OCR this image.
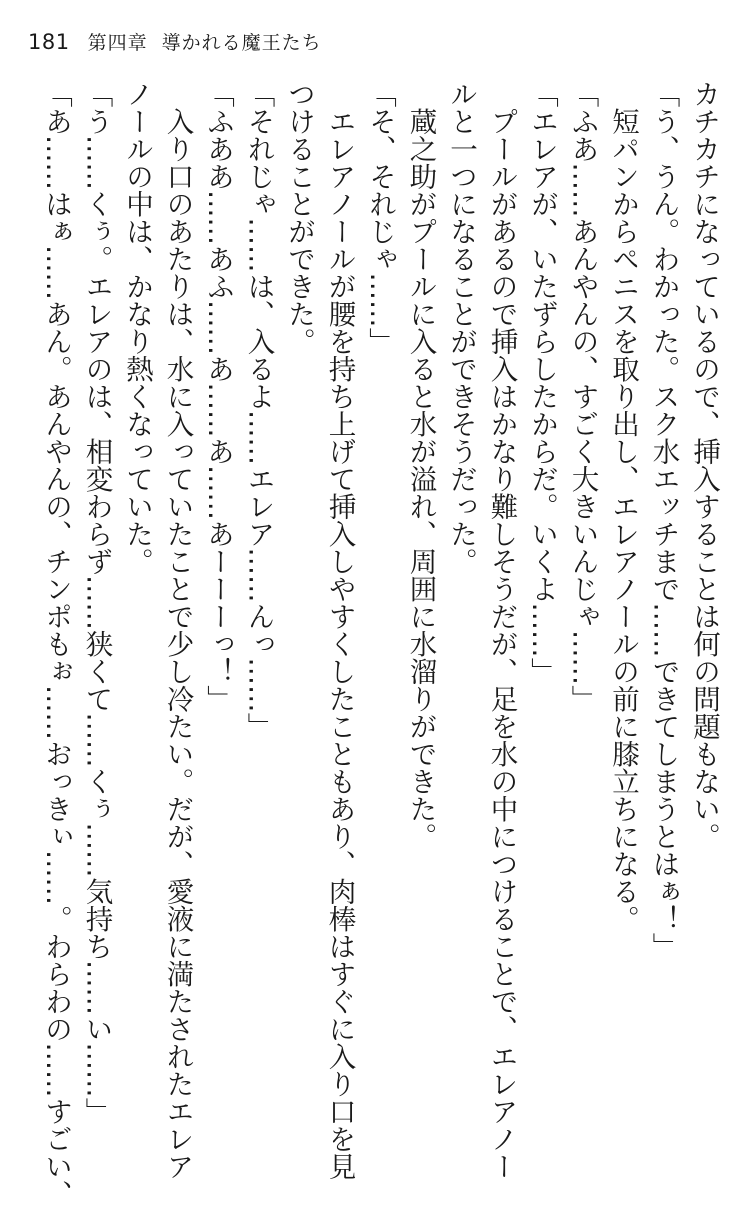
181 第四章 導かれる魔王たち
カチカチになっているので、挿入することは何の問題もない。
「う、うん。わかった。スク水エッチまで……できてしまうとはぁ！」
　短パンからペニスを取り出し、エレアノールの前に膝立ちになる。
「ふあ……あんやんの、すごく大きいんじゃ……」
「エレアが、いたずらしたからだ。いくよ……」
　プールがあるので挿入はかなり難しそうだが、足を水の中につけることで、エレアノー
ルと一つになることができそうだった。
　蔵之助がプールに入ると水が溢れ、周囲に水溜りができた。
「そ、それじゃ……」
　エレアノールが腰を持ち上げて挿入しやすくしたこともあり、肉棒はすぐに入り口を見
つけることができた。
「それじゃ……は、入るよ……エレア……んっ……」
「ふああ……あふ……あ……あ……あーーーっ！」
　入り口のあたりは、水に入っていたことで少し冷たい。だが、愛液に満たされたエレア
ノールの中は、かなり熱くなっていた。
「う……くぅ。エレアのは、相変わらず……狭くて……くぅ……気持ち……い……」
「あ……はぁ……あん。あんやんの、チンポもぉ……おっきぃ……。わらわの……すごい、
